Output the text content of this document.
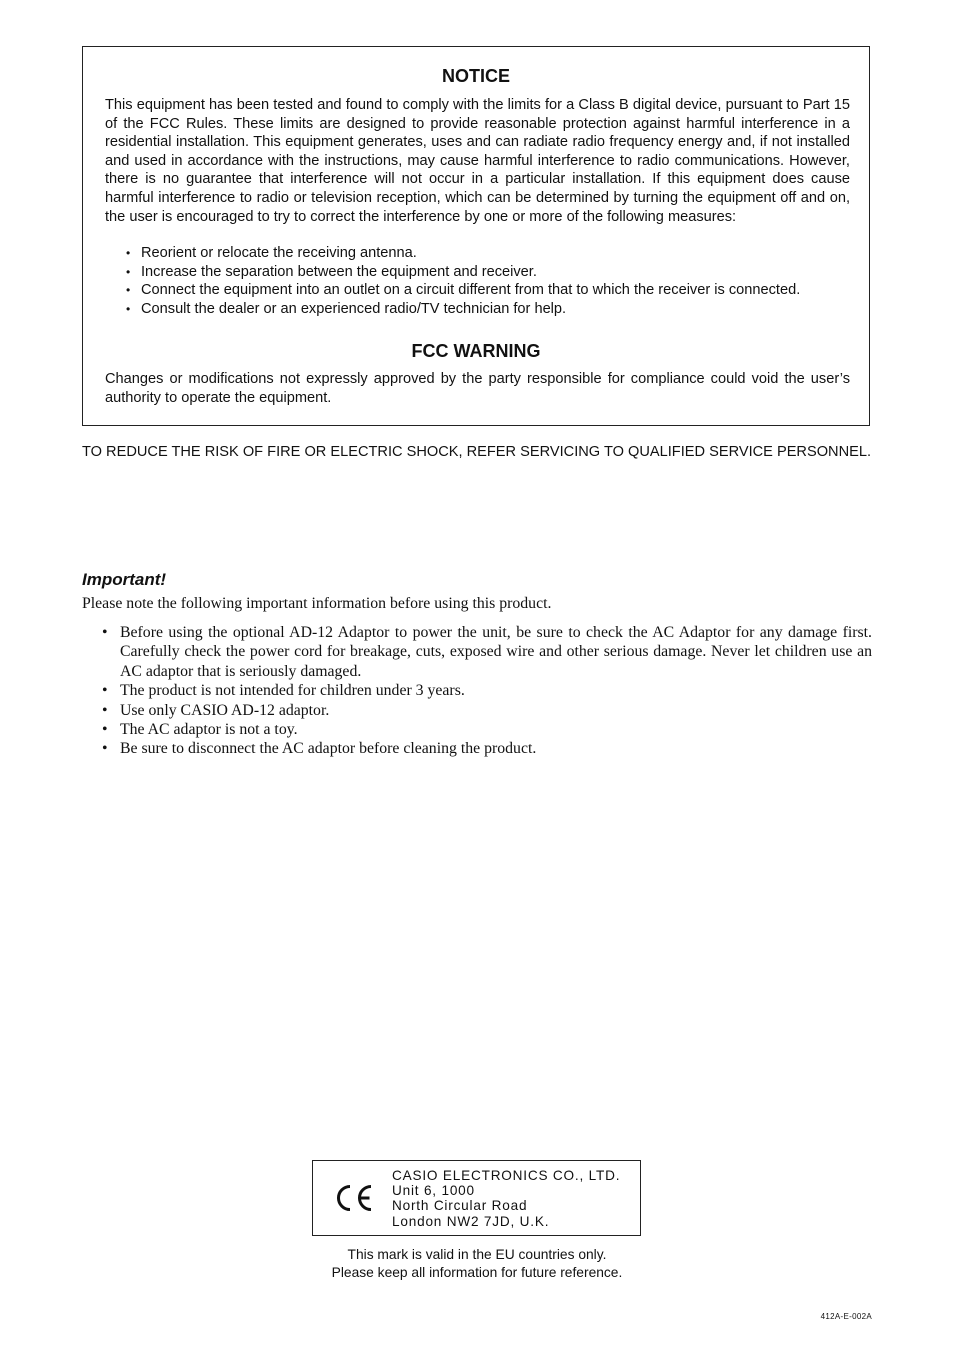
NOTICE

This equipment has been tested and found to comply with the limits for a Class B digital device, pursuant to Part 15 of the FCC Rules. These limits are designed to provide reasonable protection against harmful interference in a residential installation. This equipment generates, uses and can radiate radio frequency energy and, if not installed and used in accordance with the instructions, may cause harmful interference to radio communications. However, there is no guarantee that interference will not occur in a particular installation. If this equipment does cause harmful interference to radio or television reception, which can be determined by turning the equipment off and on, the user is encouraged to try to correct the interference by one or more of the following measures:

• Reorient or relocate the receiving antenna.
• Increase the separation between the equipment and receiver.
• Connect the equipment into an outlet on a circuit different from that to which the receiver is connected.
• Consult the dealer or an experienced radio/TV technician for help.
FCC WARNING

Changes or modifications not expressly approved by the party responsible for compliance could void the user’s authority to operate the equipment.

TO REDUCE THE RISK OF FIRE OR ELECTRIC SHOCK, REFER SERVICING TO QUALIFIED SERVICE PERSONNEL.

Important!

Please note the following important information before using this product.

• Before using the optional AD-12 Adaptor to power the unit, be sure to check the AC Adaptor for any damage first. Carefully check the power cord for breakage, cuts, exposed wire and other serious damage. Never let children use an AC adaptor that is seriously damaged.
• The product is not intended for children under 3 years.
• Use only CASIO AD-12 adaptor.
• The AC adaptor is not a toy.
• Be sure to disconnect the AC adaptor before cleaning the product.

CASIO ELECTRONICS CO., LTD.
Unit 6, 1000
North Circular Road
London NW2 7JD, U.K.

This mark is valid in the EU countries only.

Please keep all information for future reference.

412A-E-002A
